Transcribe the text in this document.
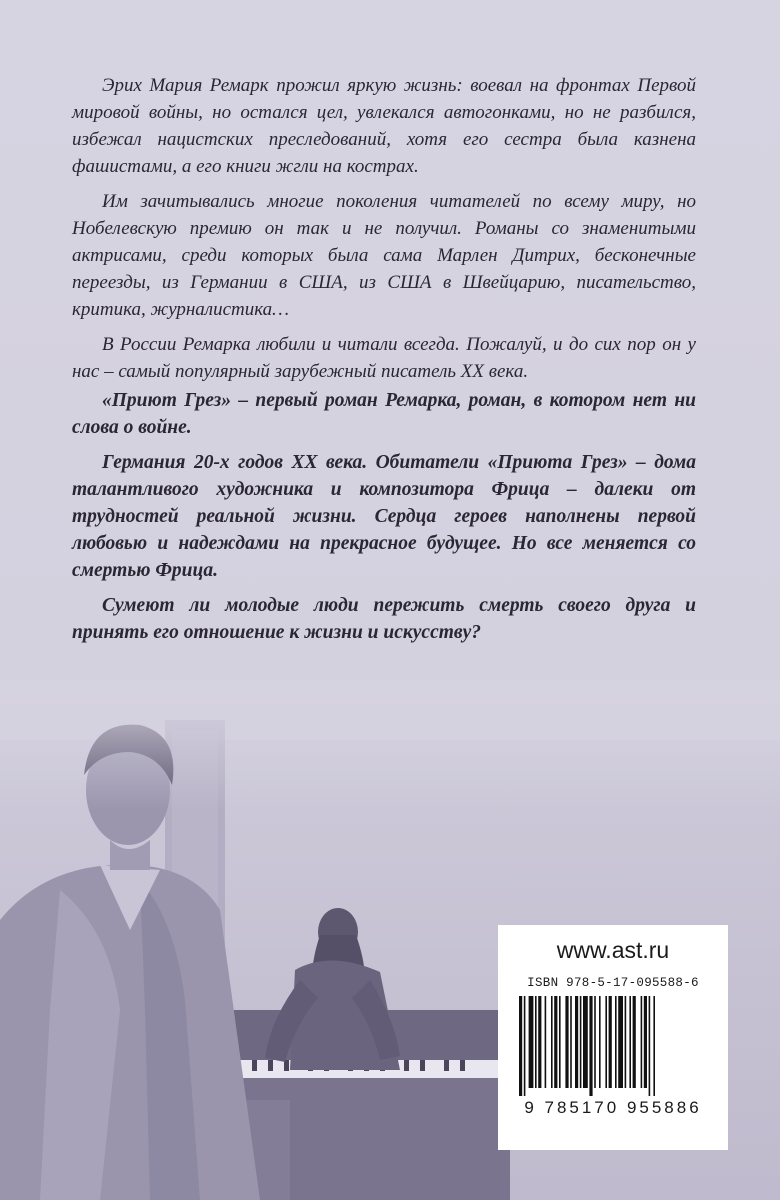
Эрих Мария Ремарк прожил яркую жизнь: воевал на фронтах Первой мировой войны, но остался цел, увлекался автогонками, но не разбился, избежал нацистских преследований, хотя его сестра была казнена фашистами, а его книги жгли на кострах.

Им зачитывались многие поколения читателей по всему миру, но Нобелевскую премию он так и не получил. Романы со знаменитыми актрисами, среди которых была сама Марлен Дитрих, бесконечные переезды, из Германии в США, из США в Швейцарию, писательство, критика, журналистика…

В России Ремарка любили и читали всегда. Пожалуй, и до сих пор он у нас – самый популярный зарубежный писатель XX века.

«Приют Грез» – первый роман Ремарка, роман, в котором нет ни слова о войне.

Германия 20-х годов XX века. Обитатели «Приюта Грез» – дома талантливого художника и композитора Фрица – далеки от трудностей реальной жизни. Сердца героев наполнены первой любовью и надеждами на прекрасное будущее. Но все меняется со смертью Фрица.

Сумеют ли молодые люди пережить смерть своего друга и принять его отношение к жизни и искусству?

www.ast.ru
ISBN 978-5-17-095588-6
9 785170 955886
